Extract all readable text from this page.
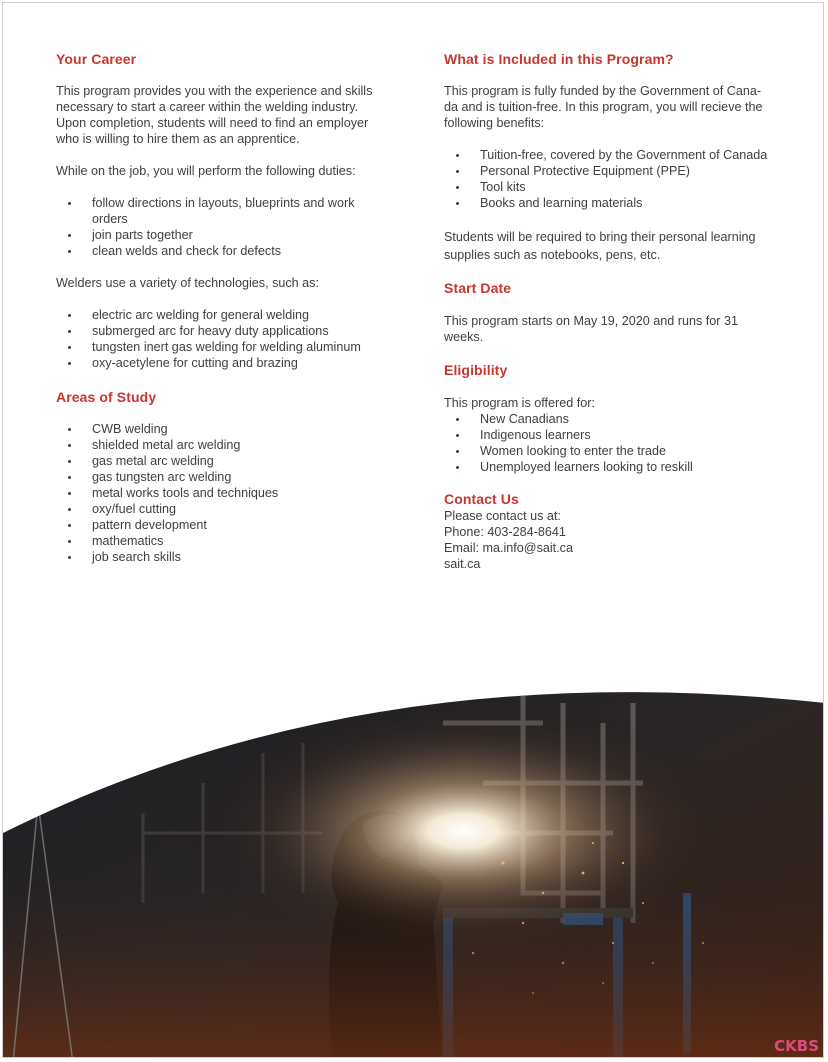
Your Career
This program provides you with the experience and skills
necessary to start a career within the welding industry.
Upon completion, students will need to find an employer
who is willing to hire them as an apprentice.

While on the job, you will perform the following duties:

follow directions in layouts, blueprints and work
orders
join parts together
clean welds and check for defects

Welders use a variety of technologies, such as:

electric arc welding for general welding
submerged arc for heavy duty applications
tungsten inert gas welding for welding aluminum
oxy-acetylene for cutting and brazing
Areas of Study
CWB welding
shielded metal arc welding
gas metal arc welding
gas tungsten arc welding
metal works tools and techniques
oxy/fuel cutting
pattern development
mathematics
job search skills
What is Included in this Program?
This program is fully funded by the Government of Cana-
da and is tuition-free. In this program, you will recieve the
following benefits:
Tuition-free, covered by the Government of Canada
Personal Protective Equipment (PPE)
Tool kits
Books and learning materials
Students will be required to bring their personal learning
supplies such as notebooks, pens, etc.
Start Date
This program starts on May 19, 2020 and runs for 31
weeks.
Eligibility

This program is offered for:

New Canadians
Indigenous learners
Women looking to enter the trade
Unemployed learners looking to reskill
Contact Us
Please contact us at:
Phone: 403-284-8641
Email: ma.info@sait.ca
sait.ca
CKBS
